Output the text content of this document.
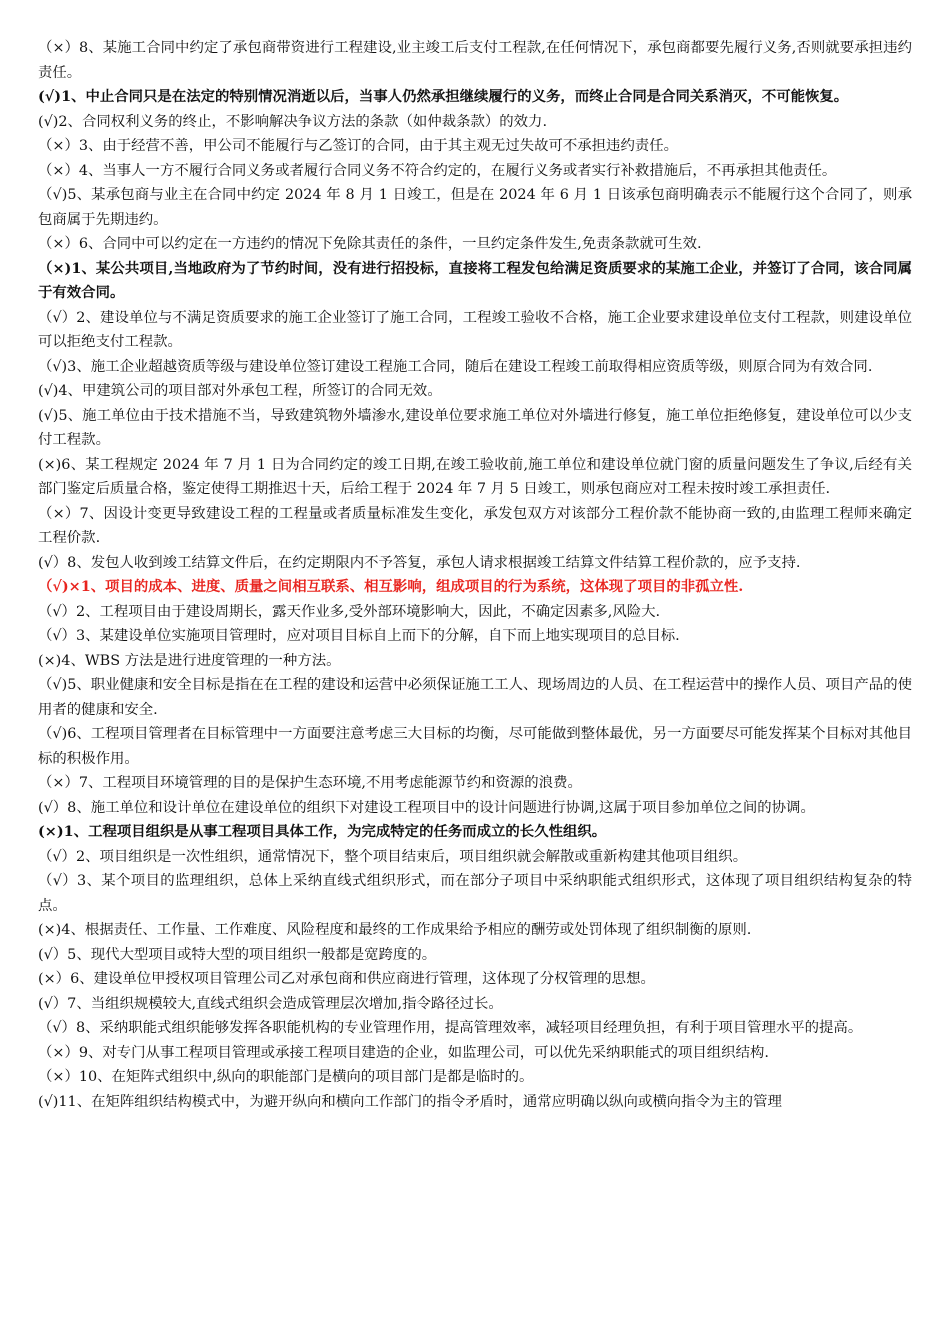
（×）8、某施工合同中约定了承包商带资进行工程建设,业主竣工后支付工程款,在任何情况下，承包商都要先履行义务,否则就要承担违约责任。

(√)1、中止合同只是在法定的特别情况消逝以后，当事人仍然承担继续履行的义务，而终止合同是合同关系消灭，不可能恢复。

(√)2、合同权利义务的终止，不影响解决争议方法的条款（如仲裁条款）的效力.

（×）3、由于经营不善，甲公司不能履行与乙签订的合同，由于其主观无过失故可不承担违约责任。

（×）4、当事人一方不履行合同义务或者履行合同义务不符合约定的，在履行义务或者实行补救措施后，不再承担其他责任。

（√)5、某承包商与业主在合同中约定 2024 年 8 月 1 日竣工，但是在 2024 年 6 月 1 日该承包商明确表示不能履行这个合同了，则承包商属于先期违约。

（×）6、合同中可以约定在一方违约的情况下免除其责任的条件，一旦约定条件发生,免责条款就可生效.

（×)1、某公共项目,当地政府为了节约时间，没有进行招投标，直接将工程发包给满足资质要求的某施工企业，并签订了合同，该合同属于有效合同。

（√）2、建设单位与不满足资质要求的施工企业签订了施工合同，工程竣工验收不合格，施工企业要求建设单位支付工程款，则建设单位可以拒绝支付工程款。

（√)3、施工企业超越资质等级与建设单位签订建设工程施工合同，随后在建设工程竣工前取得相应资质等级，则原合同为有效合同.

(√)4、甲建筑公司的项目部对外承包工程，所签订的合同无效。

(√)5、施工单位由于技术措施不当，导致建筑物外墙渗水,建设单位要求施工单位对外墙进行修复，施工单位拒绝修复，建设单位可以少支付工程款。

(×)6、某工程规定 2024 年 7 月 1 日为合同约定的竣工日期,在竣工验收前,施工单位和建设单位就门窗的质量问题发生了争议,后经有关部门鉴定后质量合格，鉴定使得工期推迟十天，后给工程于 2024 年 7 月 5 日竣工，则承包商应对工程未按时竣工承担责任.

（×）7、因设计变更导致建设工程的工程量或者质量标准发生变化，承发包双方对该部分工程价款不能协商一致的,由监理工程师来确定工程价款.

(√）8、发包人收到竣工结算文件后，在约定期限内不予答复，承包人请求根据竣工结算文件结算工程价款的，应予支持.

（√)×1、项目的成本、进度、质量之间相互联系、相互影响，组成项目的行为系统，这体现了项目的非孤立性.

（√）2、工程项目由于建设周期长，露天作业多,受外部环境影响大，因此，不确定因素多,风险大.

（√）3、某建设单位实施项目管理时，应对项目目标自上而下的分解，自下而上地实现项目的总目标.

(×)4、WBS 方法是进行进度管理的一种方法。

（√)5、职业健康和安全目标是指在在工程的建设和运营中必须保证施工工人、现场周边的人员、在工程运营中的操作人员、项目产品的使用者的健康和安全.

（√)6、工程项目管理者在目标管理中一方面要注意考虑三大目标的均衡，尽可能做到整体最优，另一方面要尽可能发挥某个目标对其他目标的积极作用。

（×）7、工程项目环境管理的目的是保护生态环境,不用考虑能源节约和资源的浪费。

(√）8、施工单位和设计单位在建设单位的组织下对建设工程项目中的设计问题进行协调,这属于项目参加单位之间的协调。

(×)1、工程项目组织是从事工程项目具体工作，为完成特定的任务而成立的长久性组织。

（√）2、项目组织是一次性组织，通常情况下，整个项目结束后，项目组织就会解散或重新构建其他项目组织。

（√）3、某个项目的监理组织，总体上采纳直线式组织形式，而在部分子项目中采纳职能式组织形式，这体现了项目组织结构复杂的特点。

(×)4、根据责任、工作量、工作难度、风险程度和最终的工作成果给予相应的酬劳或处罚体现了组织制衡的原则.

(√）5、现代大型项目或特大型的项目组织一般都是宽跨度的。

(×）6、建设单位甲授权项目管理公司乙对承包商和供应商进行管理，这体现了分权管理的思想。

(√）7、当组织规模较大,直线式组织会造成管理层次增加,指令路径过长。

（√）8、采纳职能式组织能够发挥各职能机构的专业管理作用，提高管理效率，减轻项目经理负担，有利于项目管理水平的提高。

（×）9、对专门从事工程项目管理或承接工程项目建造的企业，如监理公司，可以优先采纳职能式的项目组织结构.

（×）10、在矩阵式组织中,纵向的职能部门是横向的项目部门是都是临时的。

(√)11、在矩阵组织结构模式中，为避开纵向和横向工作部门的指令矛盾时，通常应明确以纵向或横向指令为主的管理
